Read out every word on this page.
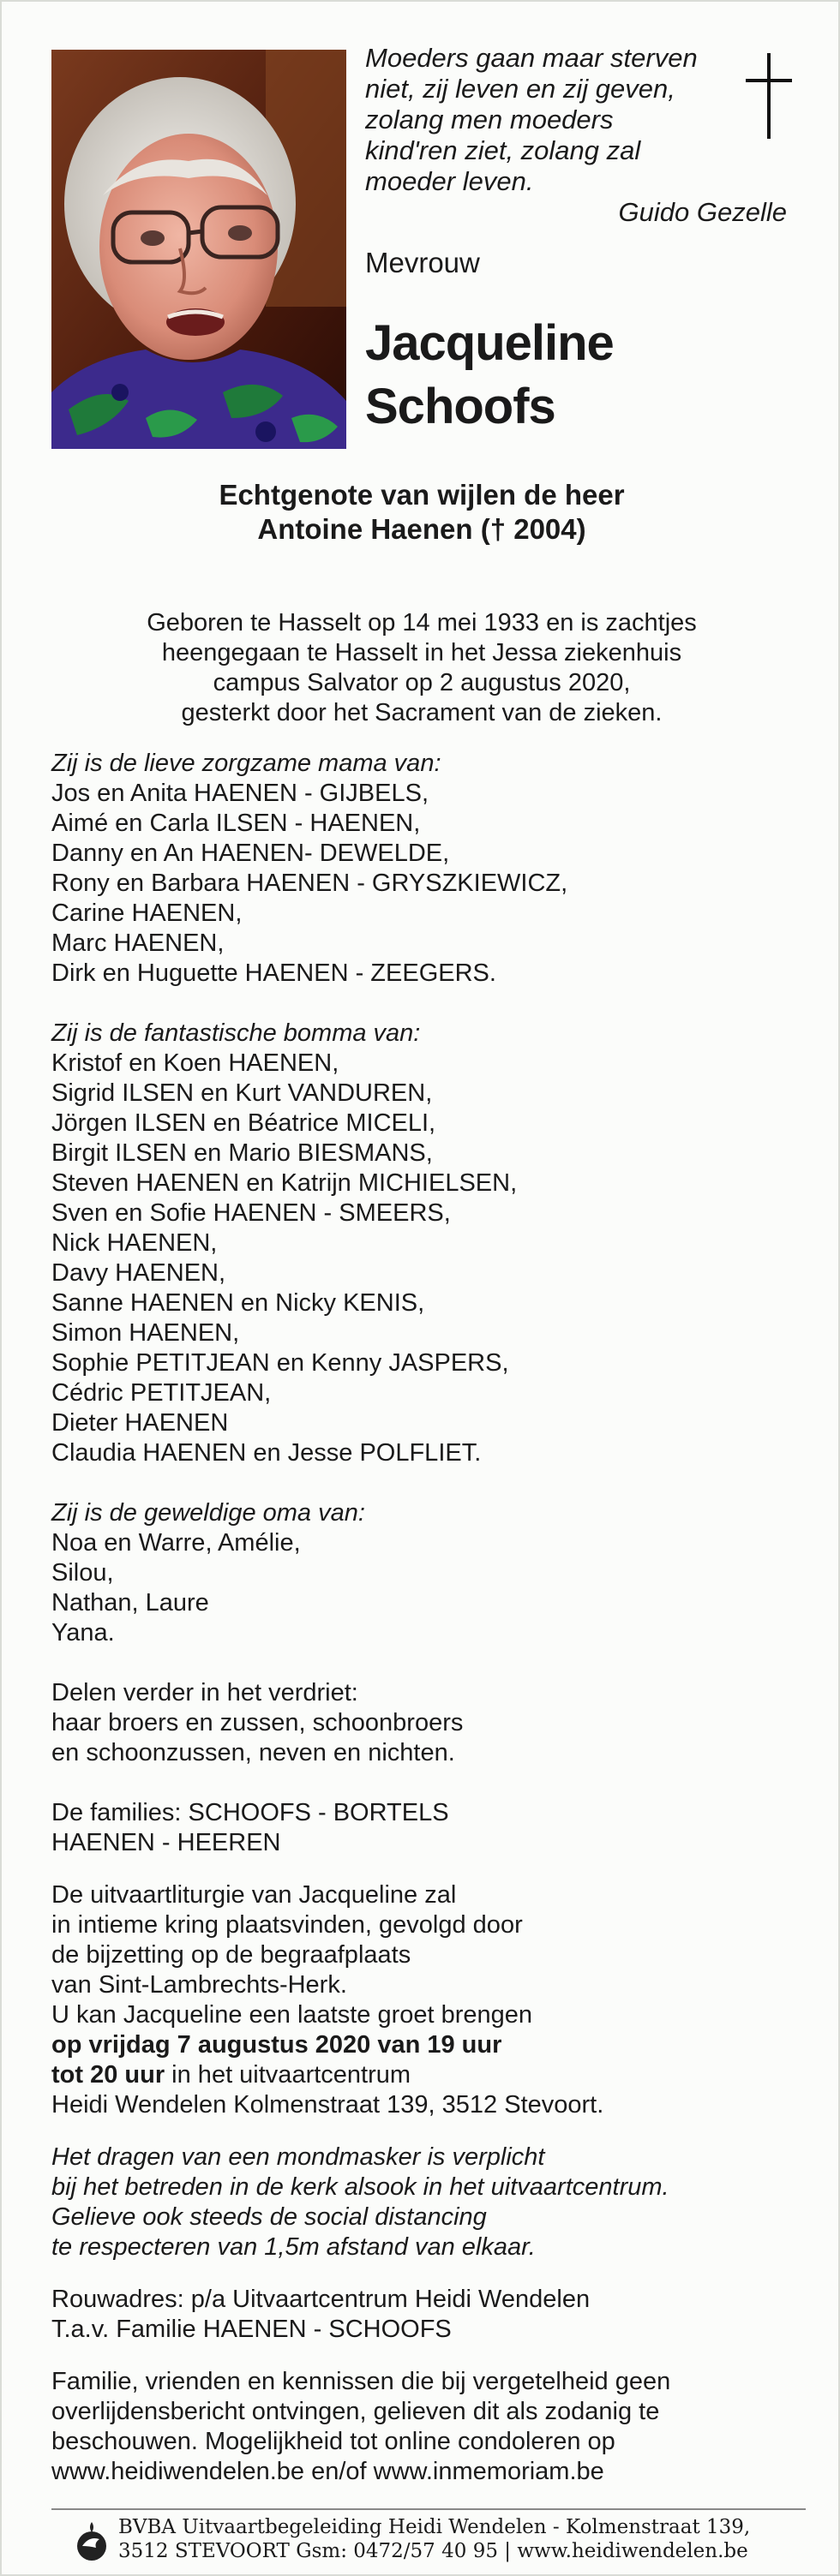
Moeders gaan maar sterven
niet, zij leven en zij geven,
zolang men moeders
kind'ren ziet, zolang zal
moeder leven.
Guido Gezelle
Mevrouw
Jacqueline
Schoofs
Echtgenote van wijlen de heer
Antoine Haenen († 2004)
Geboren te Hasselt op 14 mei 1933 en is zachtjes
heengegaan te Hasselt in het Jessa ziekenhuis
campus Salvator op 2 augustus 2020,
gesterkt door het Sacrament van de zieken.
Zij is de lieve zorgzame mama van:
Jos en Anita HAENEN - GIJBELS,
Aimé en Carla ILSEN - HAENEN,
Danny en An HAENEN- DEWELDE,
Rony en Barbara HAENEN - GRYSZKIEWICZ,
Carine HAENEN,
Marc HAENEN,
Dirk en Huguette HAENEN - ZEEGERS.
Zij is de fantastische bomma van:
Kristof en Koen HAENEN,
Sigrid ILSEN en Kurt VANDUREN,
Jörgen ILSEN en Béatrice MICELI,
Birgit ILSEN en Mario BIESMANS,
Steven HAENEN en Katrijn MICHIELSEN,
Sven en Sofie HAENEN - SMEERS,
Nick HAENEN,
Davy HAENEN,
Sanne HAENEN en Nicky KENIS,
Simon HAENEN,
Sophie PETITJEAN en Kenny JASPERS,
Cédric PETITJEAN,
Dieter HAENEN
Claudia HAENEN en Jesse POLFLIET.
Zij is de geweldige oma van:
Noa en Warre, Amélie,
Silou,
Nathan, Laure
Yana.
Delen verder in het verdriet:
haar broers en zussen, schoonbroers
en schoonzussen, neven en nichten.
De families: SCHOOFS - BORTELS
HAENEN - HEEREN
De uitvaartliturgie van Jacqueline zal
in intieme kring plaatsvinden, gevolgd door
de bijzetting op de begraafplaats
van Sint-Lambrechts-Herk.
U kan Jacqueline een laatste groet brengen
op vrijdag 7 augustus 2020 van 19 uur
tot 20 uur in het uitvaartcentrum
Heidi Wendelen Kolmenstraat 139, 3512 Stevoort.
Het dragen van een mondmasker is verplicht
bij het betreden in de kerk alsook in het uitvaartcentrum.
Gelieve ook steeds de social distancing
te respecteren van 1,5m afstand van elkaar.
Rouwadres: p/a Uitvaartcentrum Heidi Wendelen
T.a.v. Familie HAENEN - SCHOOFS
Familie, vrienden en kennissen die bij vergetelheid geen
overlijdensbericht ontvingen, gelieven dit als zodanig te
beschouwen. Mogelijkheid tot online condoleren op
www.heidiwendelen.be en/of www.inmemoriam.be
BVBA Uitvaartbegeleiding Heidi Wendelen - Kolmenstraat 139,
3512 STEVOORT Gsm: 0472/57 40 95 | www.heidiwendelen.be
